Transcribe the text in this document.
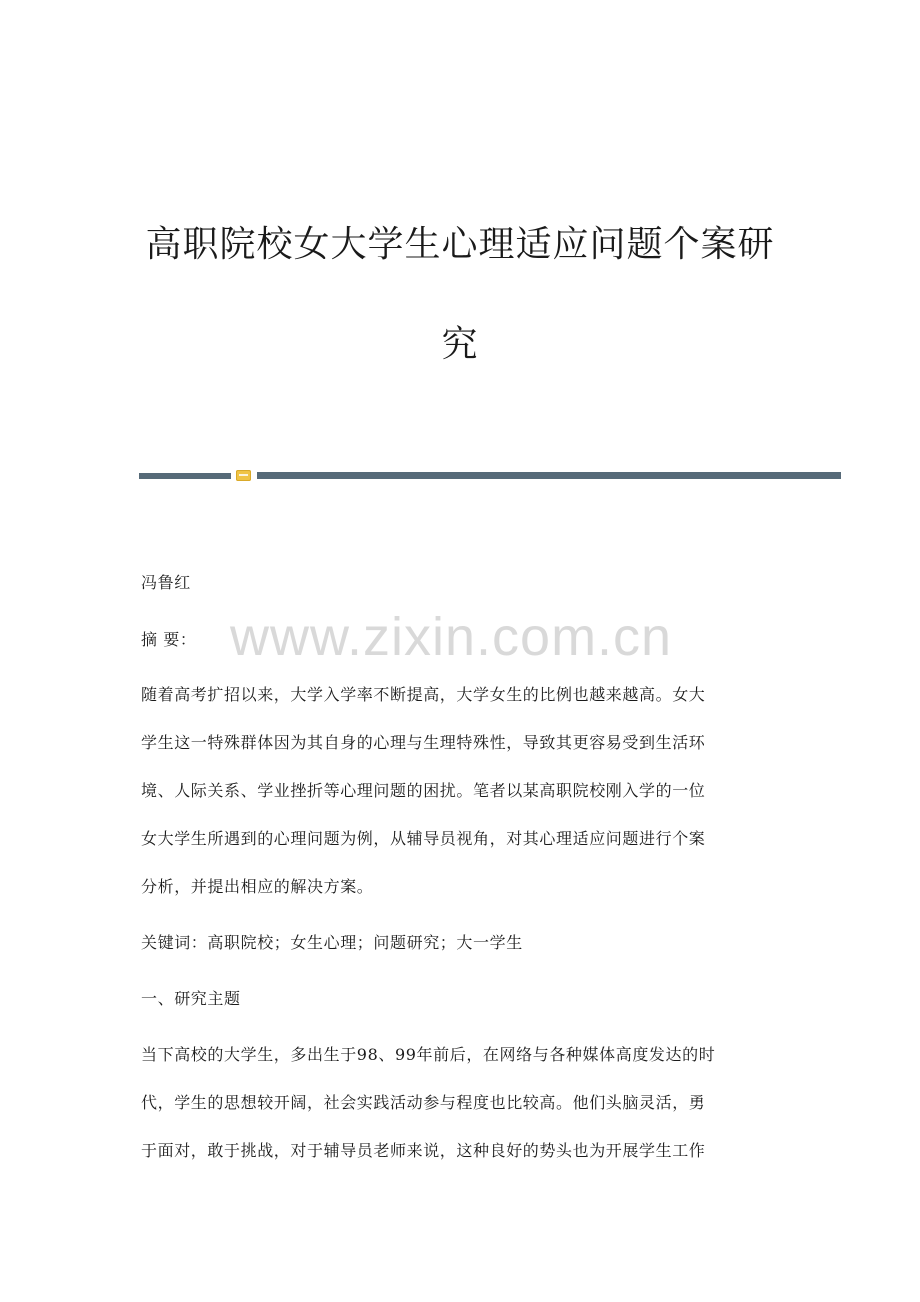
高职院校女大学生心理适应问题个案研
究
www.zixin.com.cn
冯鲁红
摘 要：
随着高考扩招以来，大学入学率不断提高，大学女生的比例也越来越高。女大
学生这一特殊群体因为其自身的心理与生理特殊性，导致其更容易受到生活环
境、人际关系、学业挫折等心理问题的困扰。笔者以某高职院校刚入学的一位
女大学生所遇到的心理问题为例，从辅导员视角，对其心理适应问题进行个案
分析，并提出相应的解决方案。
关键词：高职院校；女生心理；问题研究；大一学生
一、研究主题
当下高校的大学生，多出生于98、99年前后，在网络与各种媒体高度发达的时
代，学生的思想较开阔，社会实践活动参与程度也比较高。他们头脑灵活，勇
于面对，敢于挑战，对于辅导员老师来说，这种良好的势头也为开展学生工作
